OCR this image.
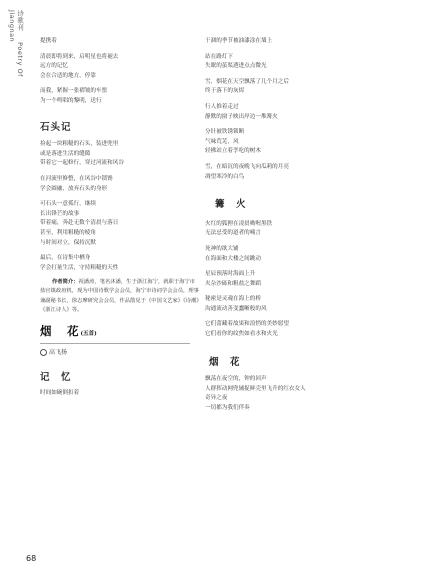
诗歌刊  Poetry Of Jiangnan	提携着

清晨即将到来，启明星也将褪去

远方的记忆

会在合适的地方，停靠

而我，紧握一张褶皱的车票

为一个鸣唱的黎明，送行

石头记

捡起一块粗糙的石头，装进兜里

或是落进生活的缝隙

带着它一起修行，穿过河流和风谷

在河流里修整，在风谷中锁馋

学会圆融，放弃石头的身形

可石头一意孤行，继续

长出锋芒的故事

带着痛，奔赴无数个清晨与落日

甚至，利用粗糙的棱角

与时间对立，保持沉默

最后，在诗集中栖身

学会打量生活，守持粗糙的天性

作者简介：祝潘涛，笔名沐潘，生于浙江海宁，就职于海宁市盐官镇政府机，现为中国诗歌学会会员，海宁市诗词学会会员，理事兼副秘书长，徐志摩研究会会员，作品散见于《中国文艺家》《诗潮》《浙江诗人》等。

烟　花(五首)

高飞扬

记　忆

时间如碗倒扣着

干涸的季节被油漆涂在墙上

站在路灯下

失眠的茧渠透进点点微光

雪，烟花在天空飘落了几个月之后

终于落下的灰烬

行人推着走过

静默的窗子映出岸边一堆篝火

分针被铁锈锁断

气味荒芜，风

轻拂站立着孪吃的树木

雪，在暗沉的夜晚飞向瓜莉的月亮

凋望寒冷的白鸟

篝　火

火红的狐狸在凌晨呦喔黑铁

无法忌受的道者的喃言

死神的欲大铺

在海面和大楼之间跳动

星辰预落时海面上升

夹杂沙砾和粗盐之舞蹈

秘密是灵魂在海上的桥

沟通流动善变蠢晰般的风

它们蕾藏着故果和浪悄的美妙愿望

它们看你的纹焦如看水和火光

烟　花

飘荡在夜空的，钟的回声

人群挥动网兜辅捉鲜壳里飞升的红衣女人

奇异之夜

一切都为我们伴奏

68
